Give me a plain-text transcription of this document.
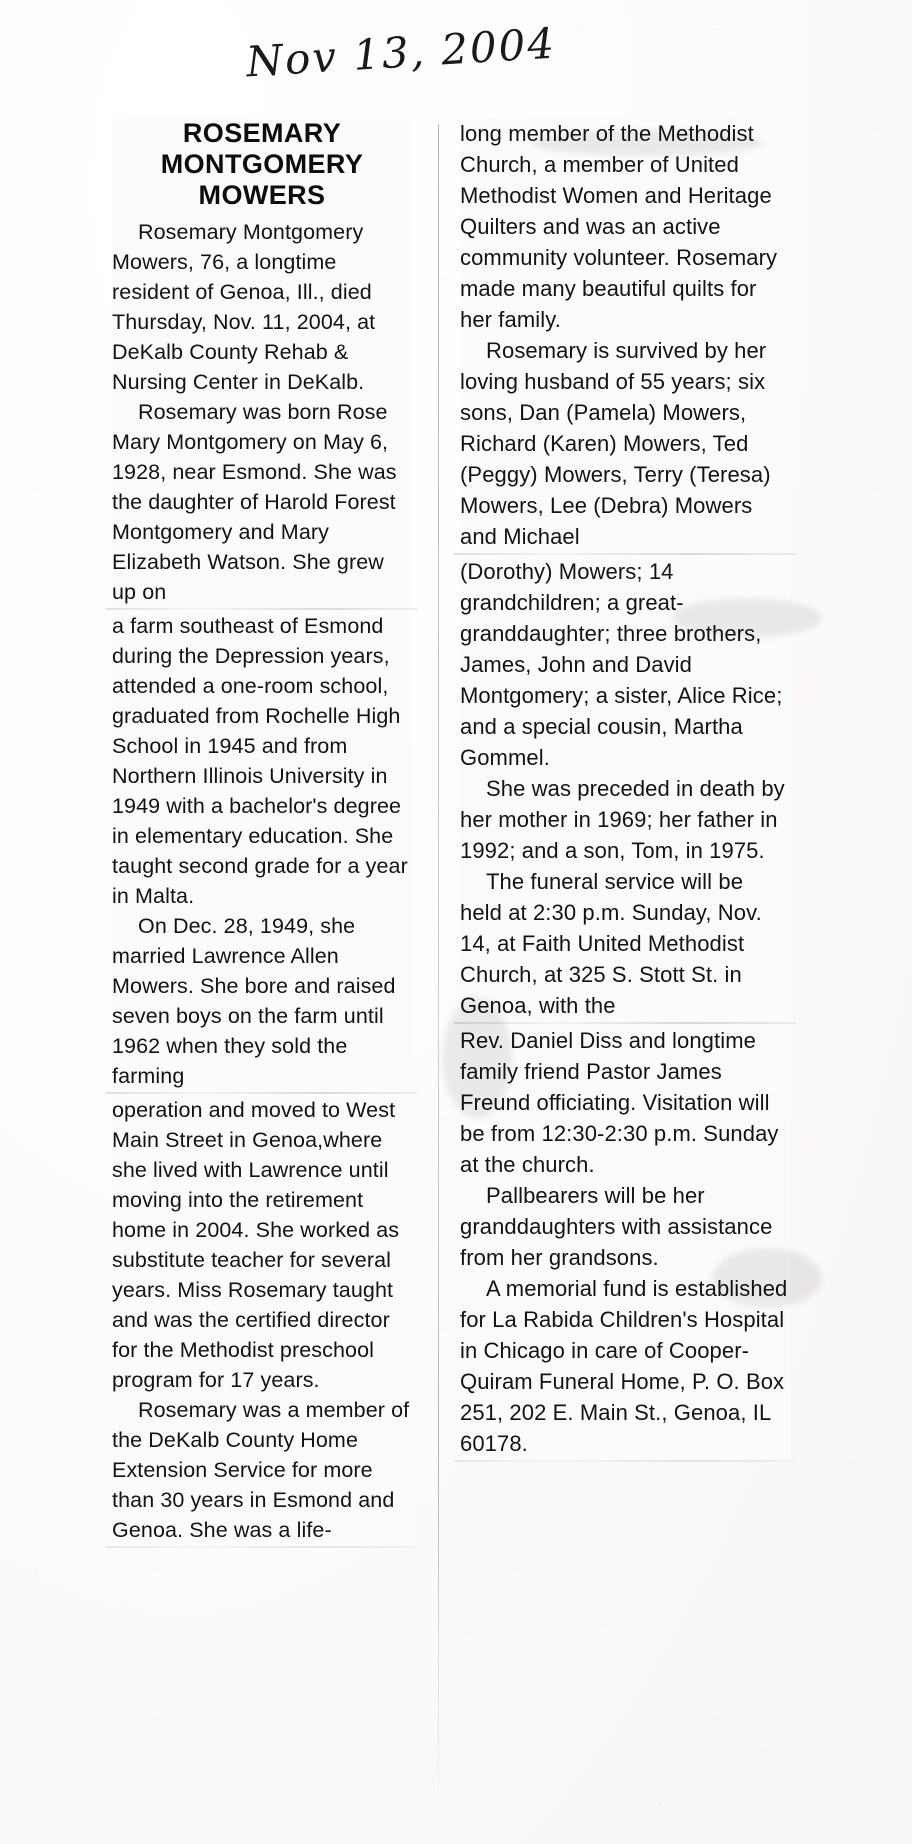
Nov 13, 2004
ROSEMARY
MONTGOMERY
MOWERS

Rosemary Montgomery Mowers, 76, a longtime resident of Genoa, Ill., died Thursday, Nov. 11, 2004, at DeKalb County Rehab & Nursing Center in DeKalb.

Rosemary was born Rose Mary Montgomery on May 6, 1928, near Esmond. She was the daughter of Harold Forest Montgomery and Mary Elizabeth Watson. She grew up on

a farm southeast of Esmond during the Depression years, attended a one-room school, graduated from Rochelle High School in 1945 and from Northern Illinois University in 1949 with a bachelor's degree in elementary education. She taught second grade for a year in Malta.

On Dec. 28, 1949, she married Lawrence Allen Mowers. She bore and raised seven boys on the farm until 1962 when they sold the farming

operation and moved to West Main Street in Genoa,where she lived with Lawrence until moving into the retirement home in 2004. She worked as substitute teacher for several years. Miss Rosemary taught and was the certified director for the Methodist preschool program for 17 years.

Rosemary was a member of the DeKalb County Home Extension Service for more than 30 years in Esmond and Genoa. She was a life-

long member of the Methodist Church, a member of United Methodist Women and Heritage Quilters and was an active community volunteer. Rosemary made many beautiful quilts for her family.

Rosemary is survived by her loving husband of 55 years; six sons, Dan (Pamela) Mowers, Richard (Karen) Mowers, Ted (Peggy) Mowers, Terry (Teresa) Mowers, Lee (Debra) Mowers and Michael

(Dorothy) Mowers; 14 grandchildren; a great-granddaughter; three brothers, James, John and David Montgomery; a sister, Alice Rice; and a special cousin, Martha Gommel.

She was preceded in death by her mother in 1969; her father in 1992; and a son, Tom, in 1975.

The funeral service will be held at 2:30 p.m. Sunday, Nov. 14, at Faith United Methodist Church, at 325 S. Stott St. in Genoa, with the

Rev. Daniel Diss and longtime family friend Pastor James Freund officiating. Visitation will be from 12:30-2:30 p.m. Sunday at the church.

Pallbearers will be her granddaughters with assistance from her grandsons.

A memorial fund is established for La Rabida Children's Hospital in Chicago in care of Cooper-Quiram Funeral Home, P. O. Box 251, 202 E. Main St., Genoa, IL 60178.
